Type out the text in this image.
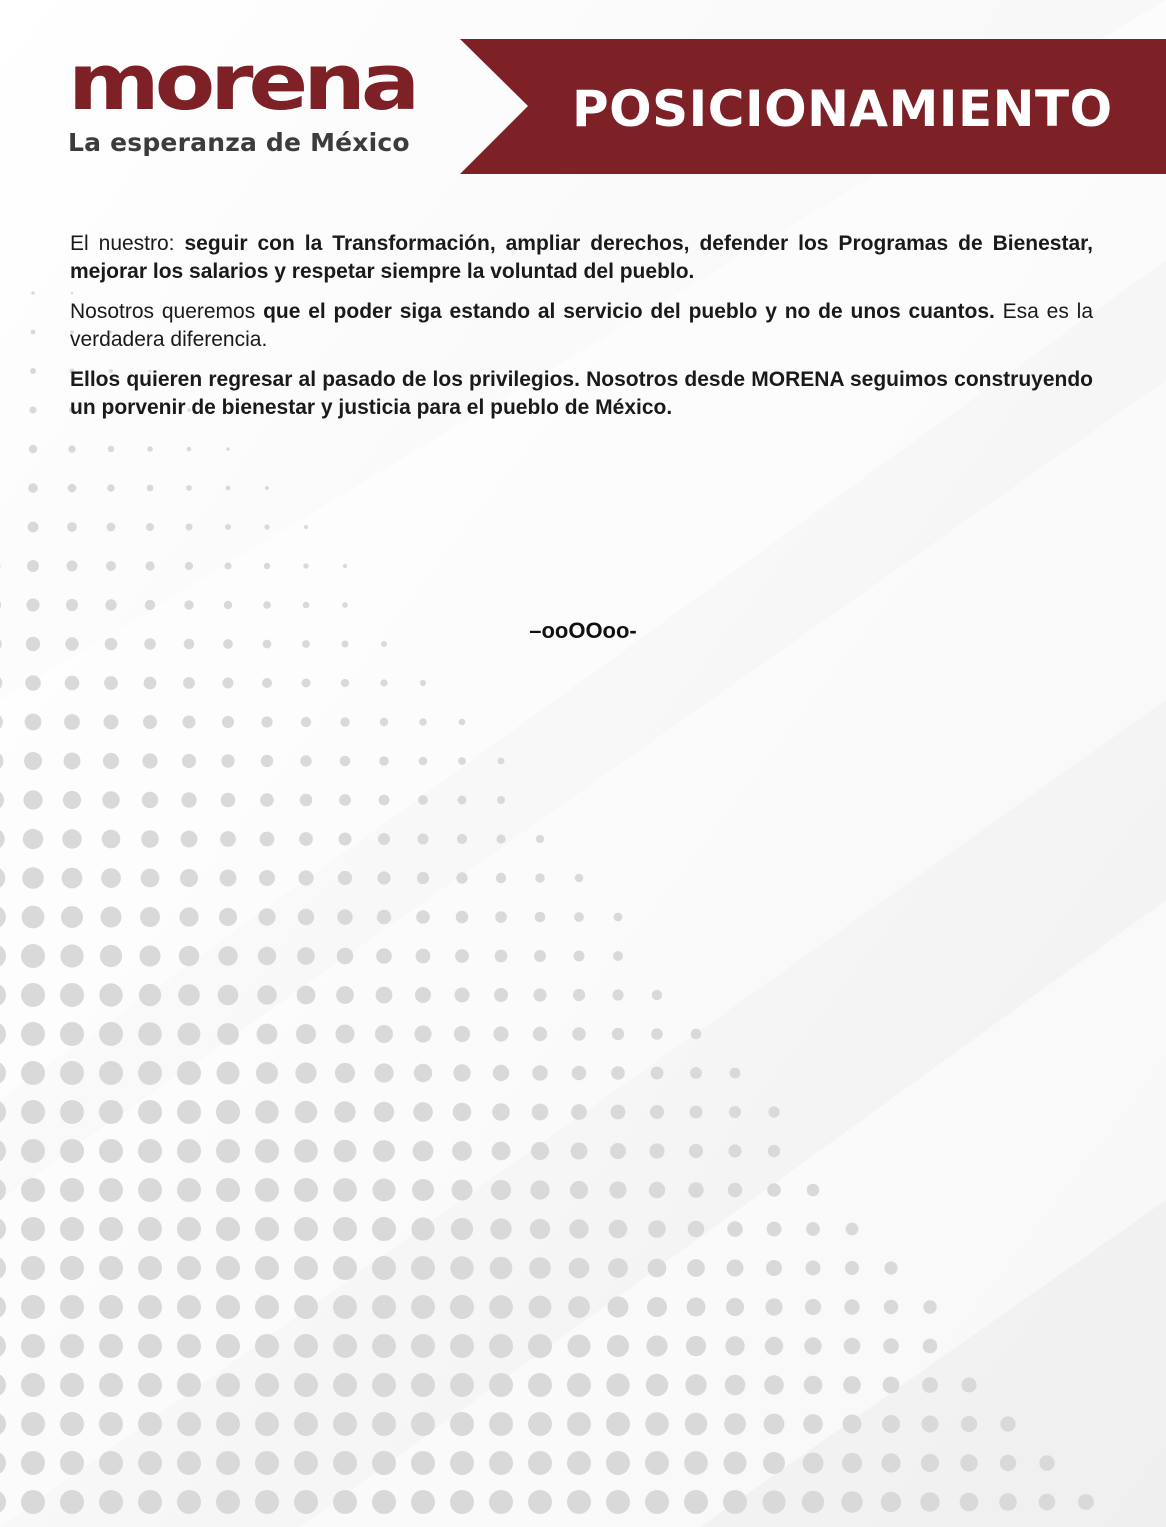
morena
La esperanza de México
POSICIONAMIENTO

El nuestro: seguir con la Transformación, ampliar derechos, defender los Programas de Bienestar, mejorar los salarios y respetar siempre la voluntad del pueblo.

Nosotros queremos que el poder siga estando al servicio del pueblo y no de unos cuantos. Esa es la verdadera diferencia.

Ellos quieren regresar al pasado de los privilegios. Nosotros desde MORENA seguimos construyendo un porvenir de bienestar y justicia para el pueblo de México.

–ooOOoo-
